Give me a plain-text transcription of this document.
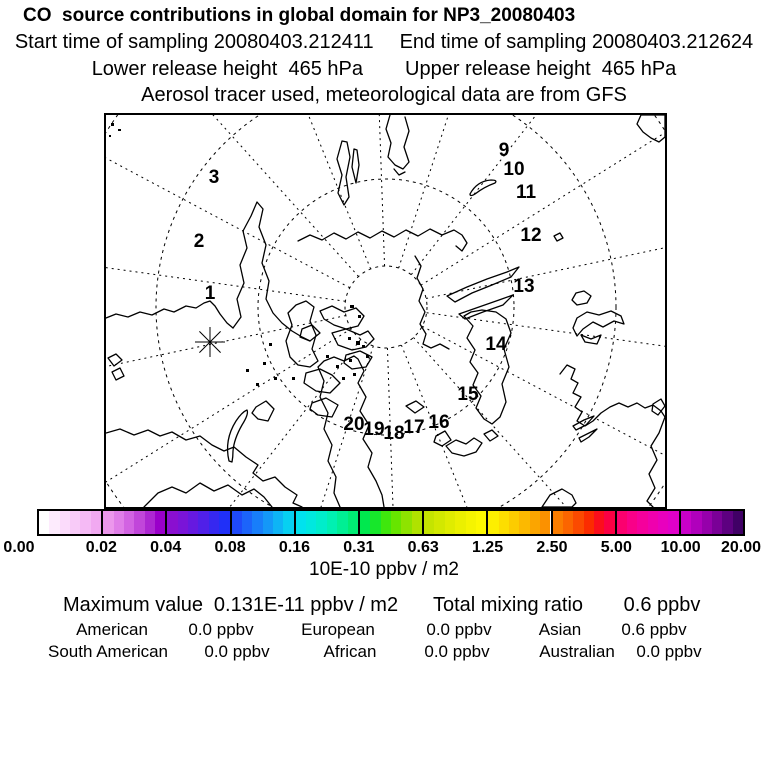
CO  source contributions in global domain for NP3_20080403
Start time of sampling 20080403.212411 End time of sampling 20080403.212624
Lower release height  465 hPa Upper release height  465 hPa
Aerosol tracer used, meteorological data are from GFS
1
2
3
9
10
11
12
13
14
15
16
17
18
19
20
0.00	0.02 0.04 0.08 0.16 0.31 0.63 1.25 2.50 5.00 10.00 20.00
10E-10 ppbv / m2
Maximum value 0.131E-11 ppbv / m2 Total mixing ratio 0.6 ppbv
American 0.0 ppbv	European	0.0 ppbv	Asian 0.6 ppbv
South American 0.0 ppbv	African	0.0 ppbv	Australian 0.0 ppbv
